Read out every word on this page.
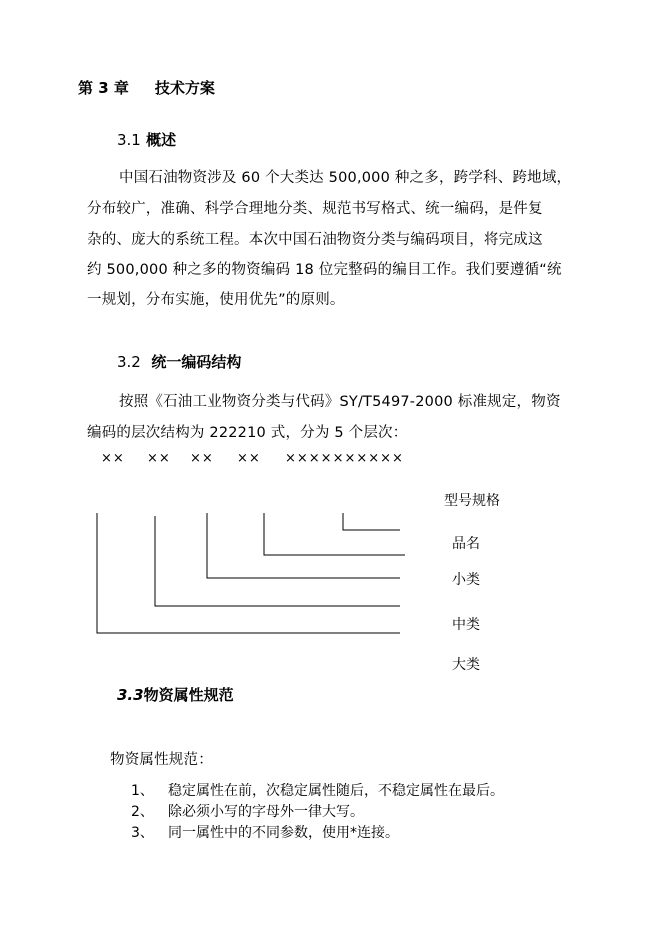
第 3 章 技术方案
3.1 概述
中国石油物资涉及 60 个大类达 500,000 种之多，跨学科、跨地域，
分布较广，准确、科学合理地分类、规范书写格式、统一编码，是件复
杂的、庞大的系统工程。本次中国石油物资分类与编码项目，将完成这
约 500,000 种之多的物资编码 18 位完整码的编目工作。我们要遵循“统
一规划，分布实施，使用优先”的原则。
3.2 统一编码结构
按照《石油工业物资分类与代码》SY/T5497-2000 标准规定，物资
编码的层次结构为 222210 式，分为 5 个层次：
×× ×× ×× ×× ××××××××××
型号规格
品名
小类
中类
大类
3.3物资属性规范
物资属性规范：
1、 稳定属性在前，次稳定属性随后，不稳定属性在最后。
2、 除必须小写的字母外一律大写。
3、 同一属性中的不同参数，使用*连接。
